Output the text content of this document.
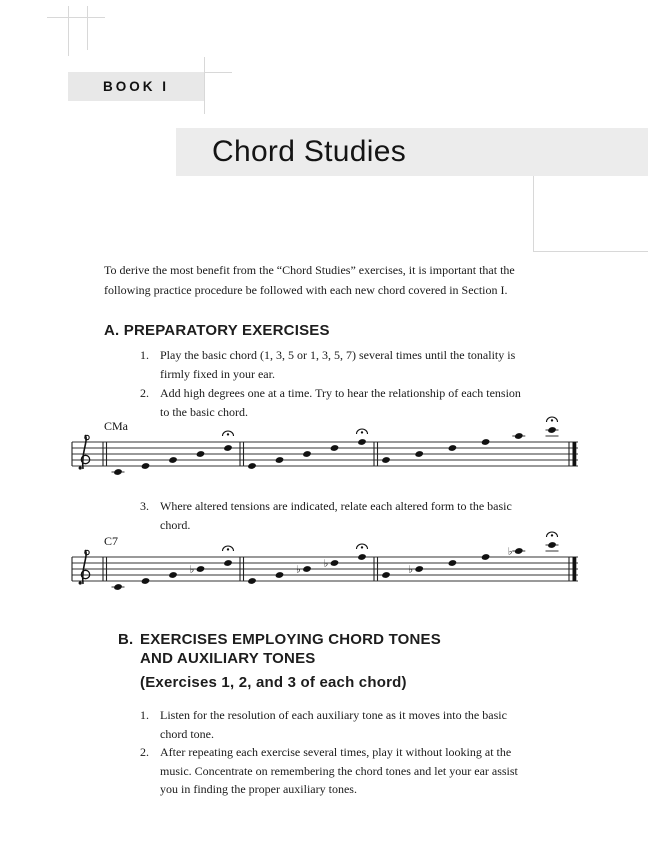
BOOK I
Chord Studies
To derive the most benefit from the “Chord Studies” exercises, it is important that the
following practice procedure be followed with each new chord covered in Section I.
A. PREPARATORY EXERCISES
1. Play the basic chord (1, 3, 5 or 1, 3, 5, 7) several times until the tonality is
firmly fixed in your ear.
2. Add high degrees one at a time. Try to hear the relationship of each tension
to the basic chord.
CMa
3. Where altered tensions are indicated, relate each altered form to the basic
chord.
C7
♭	♭
♭
♭
♭
B. EXERCISES EMPLOYING CHORD TONES
AND AUXILIARY TONES
(Exercises 1, 2, and 3 of each chord)
1. Listen for the resolution of each auxiliary tone as it moves into the basic
chord tone.
2. After repeating each exercise several times, play it without looking at the
music. Concentrate on remembering the chord tones and let your ear assist
you in finding the proper auxiliary tones.
